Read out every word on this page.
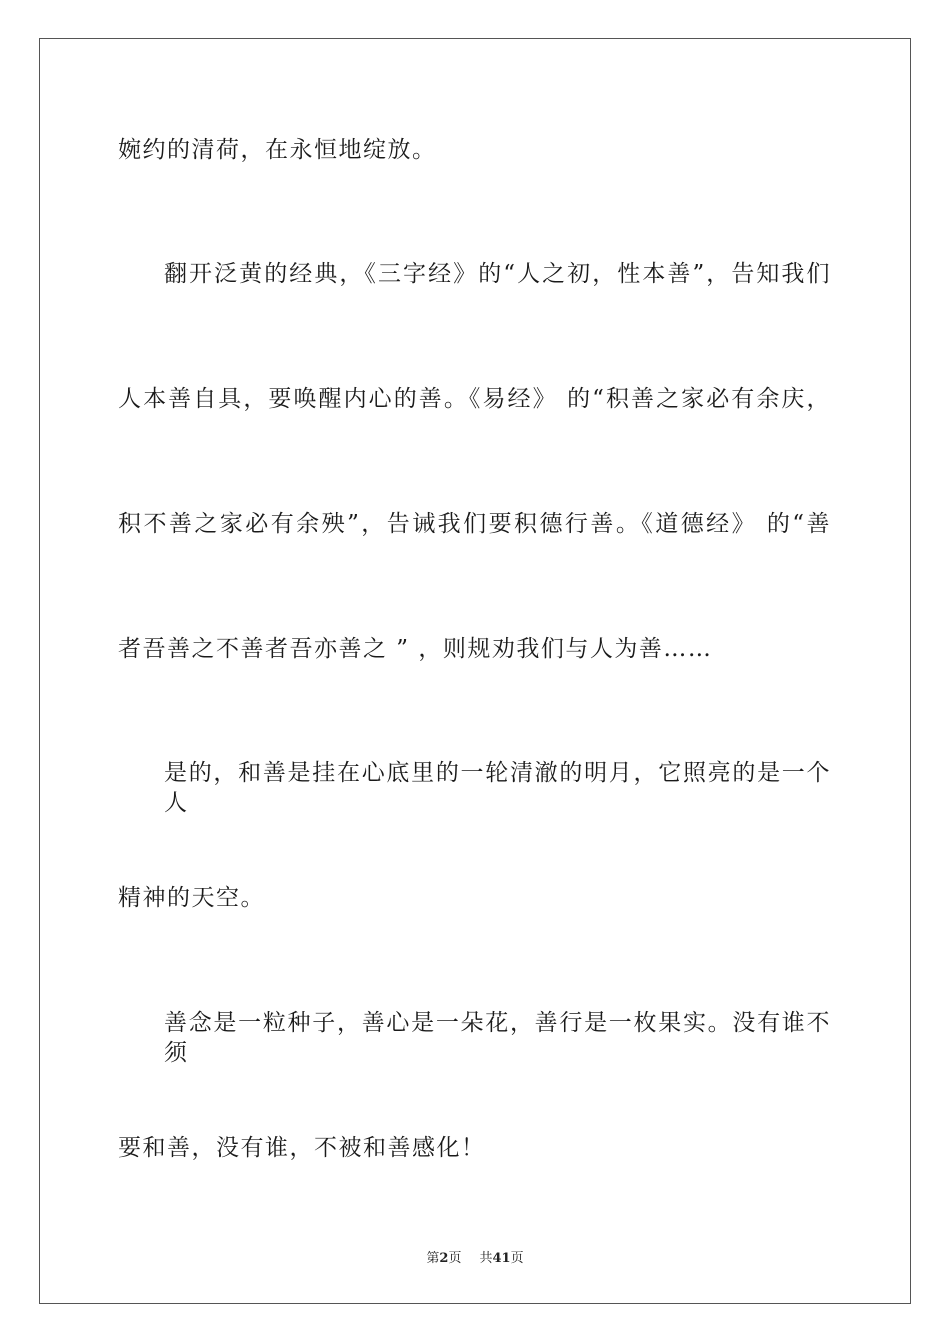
婉约的清荷，在永恒地绽放。
翻开泛黄的经典，《三字经》的“人之初，性本善”，告知我们
人本善自具，要唤醒内心的善。《易经》 的“积善之家必有余庆，
积不善之家必有余殃”，告诫我们要积德行善。《道德经》 的“善
者吾善之不善者吾亦善之 ” ，则规劝我们与人为善……
是的，和善是挂在心底里的一轮清澈的明月，它照亮的是一个人
精神的天空。
善念是一粒种子，善心是一朵花，善行是一枚果实。没有谁不须
要和善，没有谁，不被和善感化！
第2页 共41页
